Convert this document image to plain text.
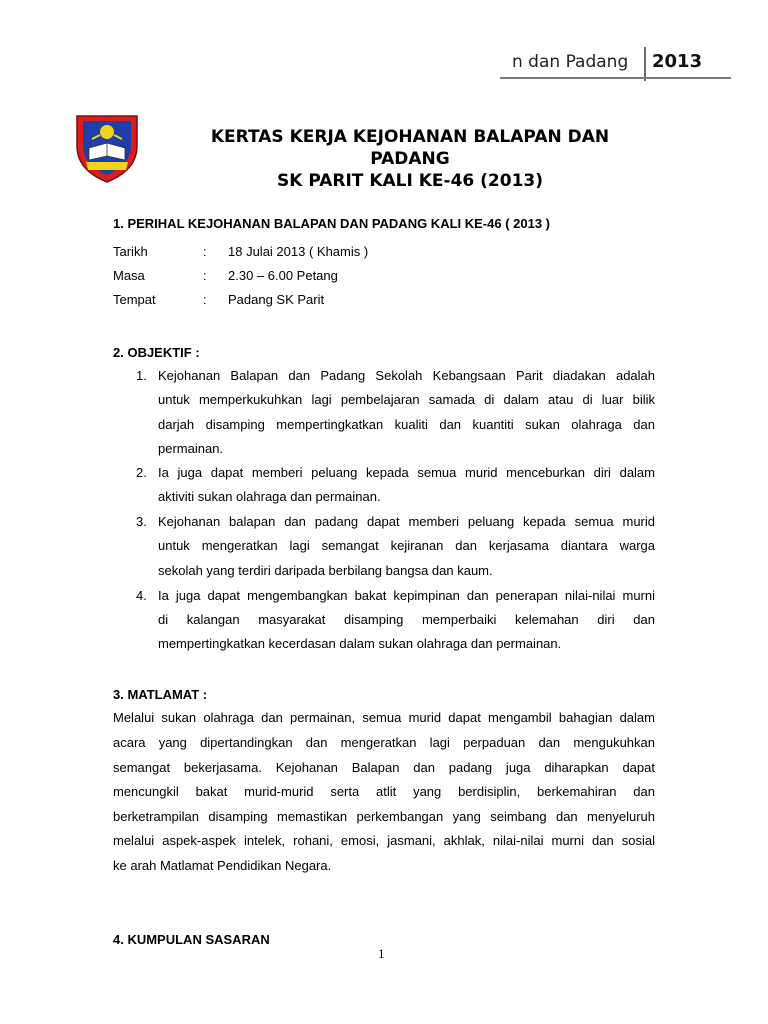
n dan Padang 2013
KERTAS KERJA KEJOHANAN BALAPAN DAN
PADANG
SK PARIT KALI KE-46 (2013)
1. PERIHAL KEJOHANAN BALAPAN DAN PADANG KALI KE-46 ( 2013 )
Tarikh	: 18 Julai 2013 ( Khamis )
Masa	: 2.30 – 6.00 Petang
Tempat	: Padang SK Parit
2. OBJEKTIF :
1. Kejohanan Balapan dan Padang Sekolah Kebangsaan Parit diadakan adalah
untuk memperkukuhkan lagi pembelajaran samada di dalam atau di luar bilik
darjah disamping mempertingkatkan kualiti dan kuantiti sukan olahraga dan
permainan.
2. Ia juga dapat memberi peluang kepada semua murid menceburkan diri dalam
aktiviti sukan olahraga dan permainan.
3. Kejohanan balapan dan padang dapat memberi peluang kepada semua murid
untuk mengeratkan lagi semangat kejiranan dan kerjasama diantara warga
sekolah yang terdiri daripada berbilang bangsa dan kaum.
4. Ia juga dapat mengembangkan bakat kepimpinan dan penerapan nilai-nilai murni
di kalangan masyarakat disamping memperbaiki kelemahan diri dan
mempertingkatkan kecerdasan dalam sukan olahraga dan permainan.
3. MATLAMAT :
Melalui sukan olahraga dan permainan, semua murid dapat mengambil bahagian dalam
acara yang dipertandingkan dan mengeratkan lagi perpaduan dan mengukuhkan
semangat bekerjasama. Kejohanan Balapan dan padang juga diharapkan dapat
mencungkil bakat murid-murid serta atlit yang berdisiplin, berkemahiran dan
berketrampilan disamping memastikan perkembangan yang seimbang dan menyeluruh
melalui aspek-aspek intelek, rohani, emosi, jasmani, akhlak, nilai-nilai murni dan sosial
ke arah Matlamat Pendidikan Negara.
4. KUMPULAN SASARAN
1
